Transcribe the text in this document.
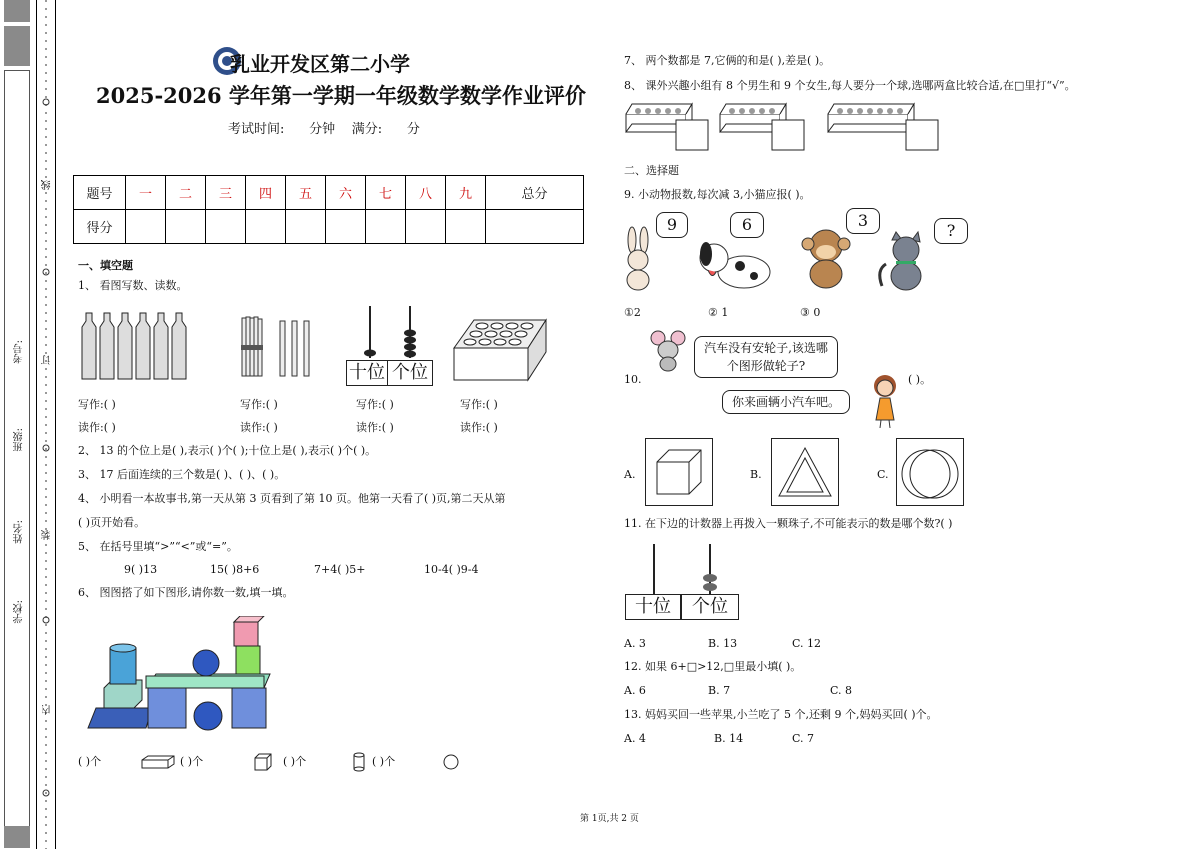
线
订
装
内
考号:
班级:
姓名:
学校:
乳业开发区第二小学
2025-2026 学年第一学期一年级数学数学作业评价
考试时间:      分钟    满分:      分
题号	一	二	三	四	五	六	七	八	九	总分
得分										
一、填空题
1、 看图写数、读数。
十位 个位
写作:( )	写作:( )	写作:( )	写作:( )
读作:( )	读作:( )	读作:( )	读作:( )
2、 13 的个位上是( ),表示( )个( );十位上是( ),表示( )个( )。
3、 17 后面连续的三个数是( )、( )、( )。
4、 小明看一本故事书,第一天从第 3 页看到了第 10 页。他第一天看了( )页,第二天从第
( )页开始看。
5、 在括号里填“>”“<”或“=”。
9( )13	15( )8+6	7+4( )5+	10-4( )9-4
6、 图图搭了如下图形,请你数一数,填一填。
( )个	( )个	( )个	( )个
7、 两个数都是 7,它俩的和是( ),差是( )。
8、 课外兴趣小组有 8 个男生和 9 个女生,每人要分一个球,选哪两盒比较合适,在□里打“√”。
二、选择题
9. 小动物报数,每次减 3,小猫应报( )。
9	6	3
?
①2	② 1	③ 0
10.
汽车没有安轮子,该选哪个图形做轮子?
( )。
你来画辆小汽车吧。
A.	B.	C.
11. 在下边的计数器上再拨入一颗珠子,不可能表示的数是哪个数?( )
十位	个位
A. 3	B. 13	C. 12
12. 如果 6+□>12,□里最小填( )。
A. 6	B. 7	C. 8
13. 妈妈买回一些苹果,小兰吃了 5 个,还剩 9 个,妈妈买回( )个。
A. 4	B. 14	C. 7
第 1页,共 2 页
